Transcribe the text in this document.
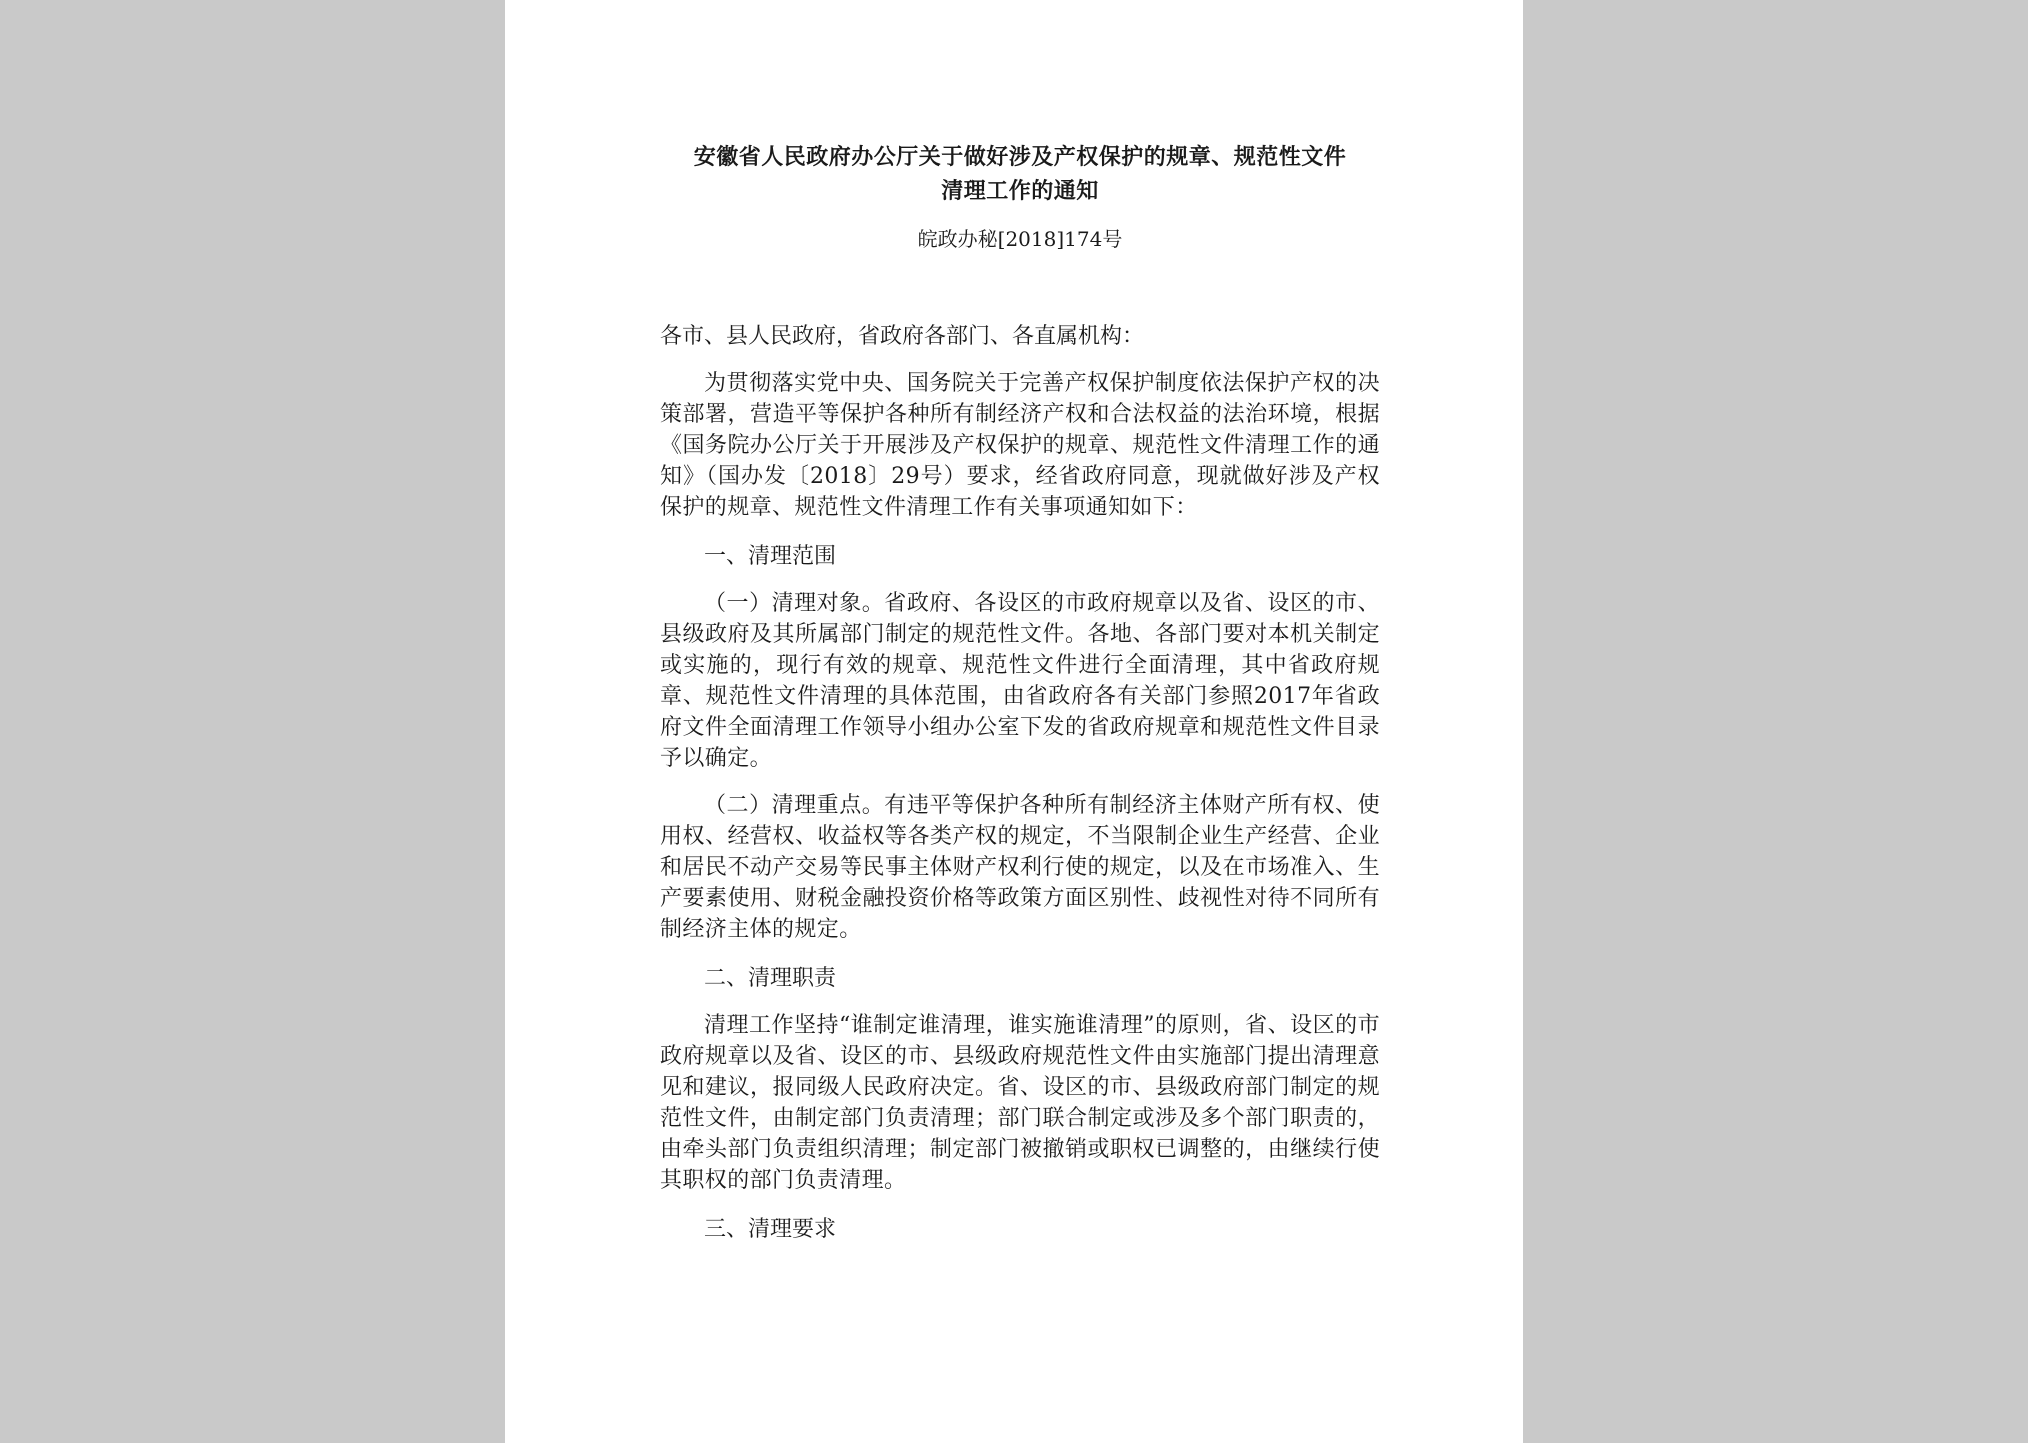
安徽省人民政府办公厅关于做好涉及产权保护的规章、规范性文件

清理工作的通知

皖政办秘[2018]174号

各市、县人民政府，省政府各部门、各直属机构：

为贯彻落实党中央、国务院关于完善产权保护制度依法保护产权的决策部署，营造平等保护各种所有制经济产权和合法权益的法治环境，根据《国务院办公厅关于开展涉及产权保护的规章、规范性文件清理工作的通知》（国办发〔2018〕29号）要求，经省政府同意，现就做好涉及产权保护的规章、规范性文件清理工作有关事项通知如下：

一、清理范围

（一）清理对象。省政府、各设区的市政府规章以及省、设区的市、县级政府及其所属部门制定的规范性文件。各地、各部门要对本机关制定或实施的，现行有效的规章、规范性文件进行全面清理，其中省政府规章、规范性文件清理的具体范围，由省政府各有关部门参照2017年省政府文件全面清理工作领导小组办公室下发的省政府规章和规范性文件目录予以确定。

（二）清理重点。有违平等保护各种所有制经济主体财产所有权、使用权、经营权、收益权等各类产权的规定，不当限制企业生产经营、企业和居民不动产交易等民事主体财产权利行使的规定，以及在市场准入、生产要素使用、财税金融投资价格等政策方面区别性、歧视性对待不同所有制经济主体的规定。

二、清理职责

清理工作坚持“谁制定谁清理，谁实施谁清理”的原则，省、设区的市政府规章以及省、设区的市、县级政府规范性文件由实施部门提出清理意见和建议，报同级人民政府决定。省、设区的市、县级政府部门制定的规范性文件，由制定部门负责清理；部门联合制定或涉及多个部门职责的，由牵头部门负责组织清理；制定部门被撤销或职权已调整的，由继续行使其职权的部门负责清理。

三、清理要求
